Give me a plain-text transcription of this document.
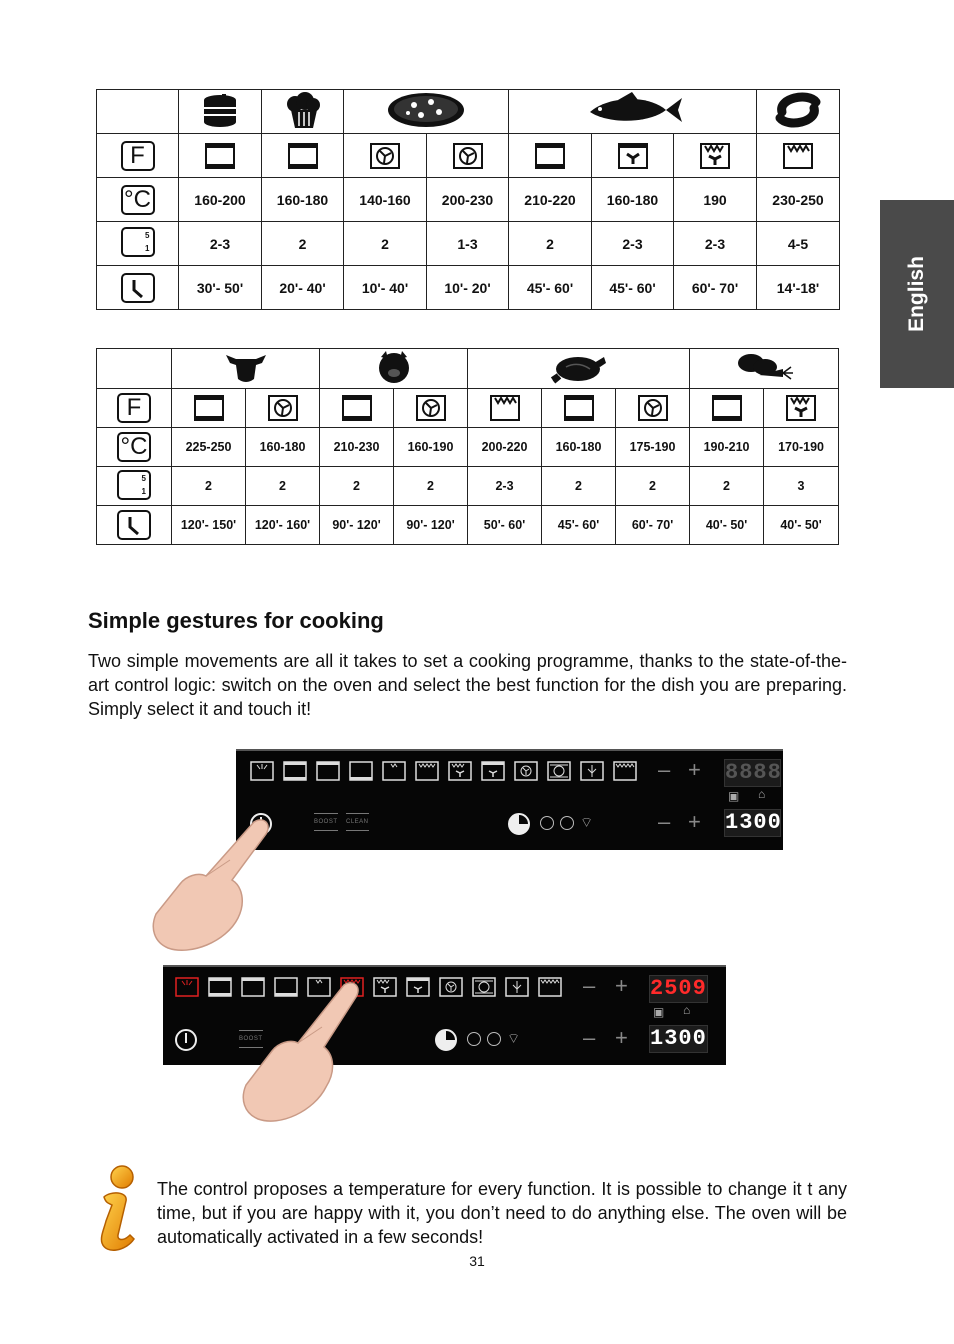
English

F								
°C	160-200	160-180	140-160	200-230	210-220	160-180	190	230-250

5
1	2-3	2	2	1-3	2	2-3	2-3	4-5

	30'- 50'	20'- 40'	10'- 40'	10'- 20'	45'- 60'	45'- 60'	60'- 70'	14'-18'

F									
°C	225-250	160-180	210-230	160-190	200-220	160-180	175-190	190-210	170-190

5
1	2	2	2	2	2-3	2	2	2	3

	120'- 150'	120'- 160'	90'- 120'	90'- 120'	50'- 60'	45'- 60'	60'- 70'	40'- 50'	40'- 50'
Simple gestures for cooking

Two simple movements are all it takes to set a cooking programme, thanks to the state-of-the-art control logic: switch on the oven and select the best function for the dish you are preparing. Simply select it and touch it!

– +
– +
8888
▣ ⌂
1300
BOOST CLEAN	⌔
– +
– +
2509
▣ ⌂
1300
BOOST	⌔

The control proposes a temperature for every function. It is possible to change it t any time, but if you are happy with it, you don’t need to do anything else. The oven will be automatically activated in a few seconds!

31
